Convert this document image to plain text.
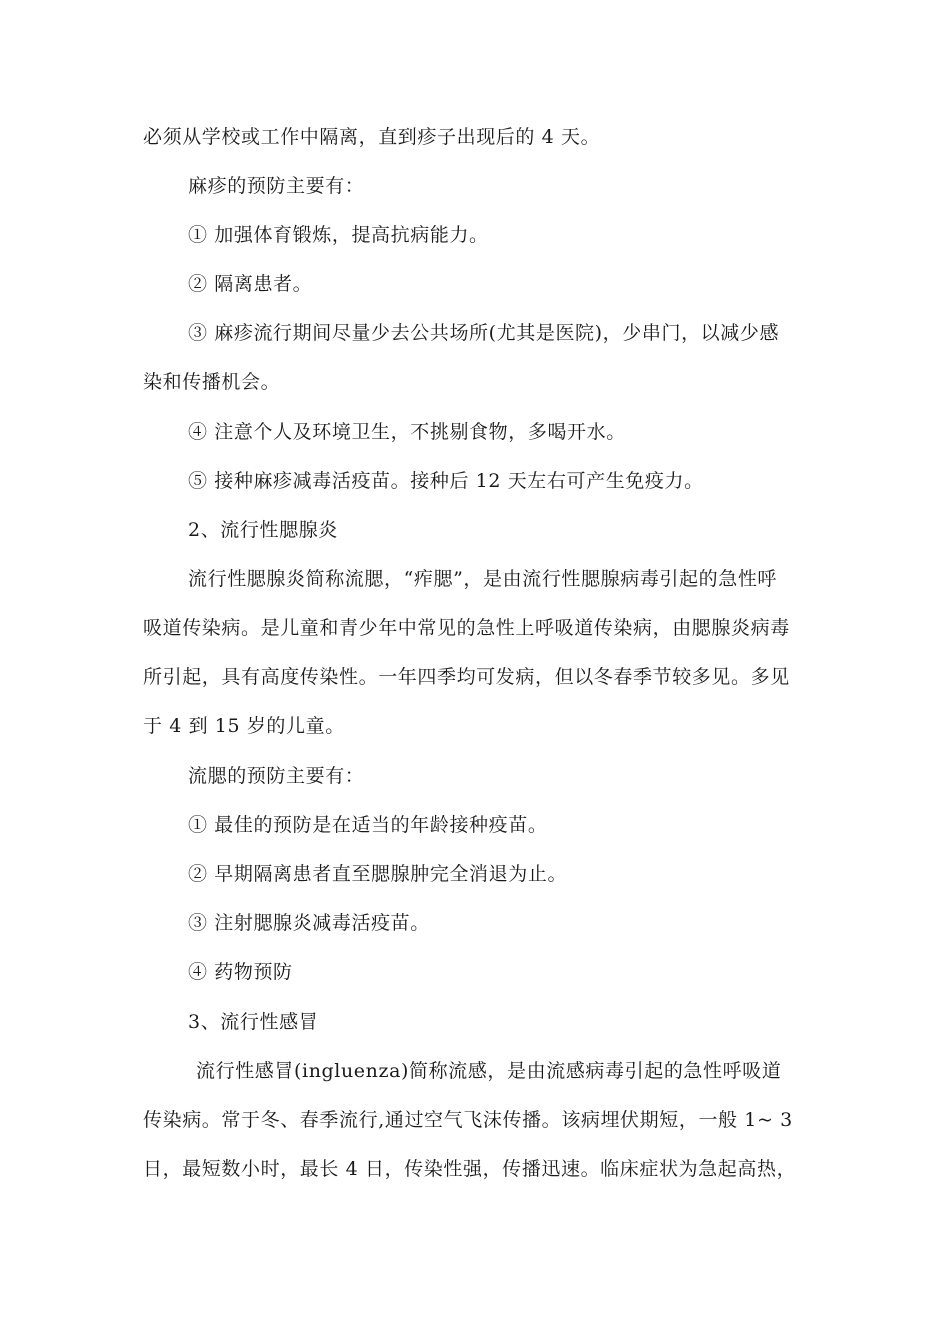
必须从学校或工作中隔离，直到疹子出现后的 4 天。
麻疹的预防主要有：
① 加强体育锻炼，提高抗病能力。
② 隔离患者。
③ 麻疹流行期间尽量少去公共场所(尤其是医院)，少串门，以减少感
染和传播机会。
④ 注意个人及环境卫生，不挑剔食物，多喝开水。
⑤ 接种麻疹减毒活疫苗。接种后 12 天左右可产生免疫力。
2、流行性腮腺炎
流行性腮腺炎简称流腮，“痄腮”，是由流行性腮腺病毒引起的急性呼
吸道传染病。是儿童和青少年中常见的急性上呼吸道传染病，由腮腺炎病毒
所引起，具有高度传染性。一年四季均可发病，但以冬春季节较多见。多见
于 4 到 15 岁的儿童。
流腮的预防主要有：
① 最佳的预防是在适当的年龄接种疫苗。
② 早期隔离患者直至腮腺肿完全消退为止。
③ 注射腮腺炎减毒活疫苗。
④ 药物预防
3、流行性感冒
流行性感冒(ingluenza)简称流感，是由流感病毒引起的急性呼吸道
传染病。常于冬、春季流行,通过空气飞沫传播。该病埋伏期短，一般 1~ 3
日，最短数小时，最长 4 日，传染性强，传播迅速。临床症状为急起高热，
